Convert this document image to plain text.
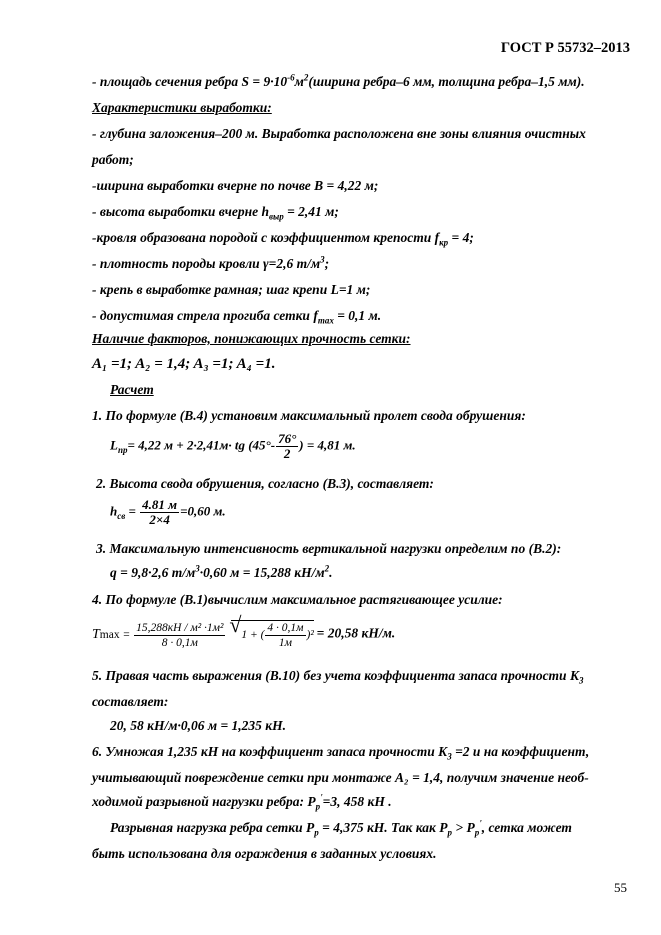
ГОСТ Р 55732–2013
- площадь сечения ребра $S = 9\cdot 10^{-6}м^2(ширина$ ребра–6 мм, толщина ребра–1,5 мм).
Характеристики выработки:
- глубина заложения–200 м. Выработка расположена вне зоны влияния очистных
работ;
-ширина выработки вчерне по почве B = 4,22 м;
- высота выработки вчерне $h_{выр} = 2,41$ м;
-кровля образована породой с коэффициентом крепости $f_{кр} = 4$;
- плотность породы кровли γ=2,6 $т/м^3$;
- крепь в выработке рамная; шаг крепи L=1 м;
- допустимая стрела прогиба сетки $f_{max} = 0,1$ м.
Наличие факторов, понижающих прочность сетки:
A₁ =1; A₂ = 1,4; A₃ =1; A₄ =1.
Расчет
1. По формуле (В.4) установим максимальный пролет свода обрушения:
$L_{пр}= 4,22$ м + 2·2,41м· tg ($45^\circ- \frac{76^\circ}{2}$ ) = 4,81 м.
2. Высота свода обрушения, согласно (В.3), составляет:
$h_{св} = \frac{4.81 м}{2\times 4} =0,60$ м.
3. Максимальную интенсивность вертикальной нагрузки определим по (В.2):
q = 9,8·2,6 $т/м^3\cdot 0,60$ м = 15,288 $кН/м^2$.
4. По формуле (В.1)вычислим максимальное растягивающее усилие:
$Tmax = \frac{\text{15,288кН / м² ·1м²}}{8 \cdot 0,1м}$
√ 1 + ( $\frac{4 \cdot 0,1м}{1м} )^2 = 20,58$ кН/м.
5. Правая часть выражения (В.10) без учета коэффициента запаса прочности $K_3$
составляет:
20, 58 кН/м·0,06 м = 1,235 кН.
6. Умножая 1,235 кН на коэффициент запаса прочности $K_3 =2$ и на коэффициент,
учитывающий повреждение сетки при монтаже A₂ = 1,4, получим значение необ-
ходимой разрывной нагрузки ребра: $P_p'=3$, 458 кН .
Разрывная нагрузка ребра сетки $P_p = 4,375$ кН. Так как $P_p > P_p'$, сетка может
быть использована для ограждения в заданных условиях.
55
